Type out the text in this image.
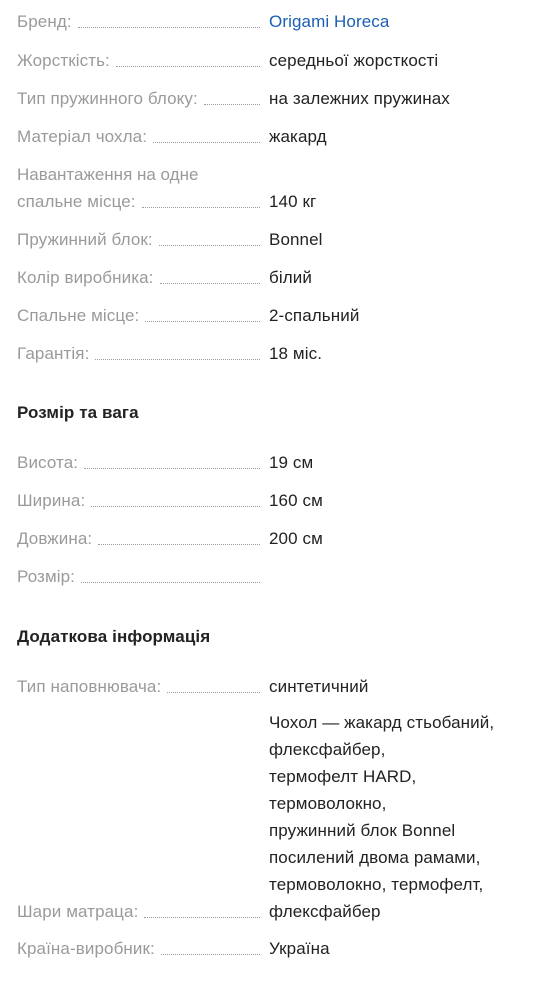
Бренд:	Origami Horeca
Жорсткість:	середньої жорсткості
Тип пружинного блоку:	на залежних пружинах
Матеріал чохла:	жакард
Навантаження на одне
спальне місце:	140 кг
Пружинний блок:	Bonnel
Колір виробника:	білий
Спальне місце:	2-спальний
Гарантія:	18 міс.
Розмір та вага
Висота:	19 см
Ширина:	160 см
Довжина:	200 см
Розмір:
Додаткова інформація
Тип наповнювача:	синтетичний
Шари матраца:
Чохол — жакард стьобаний,
флексфайбер,
термофелт HARD,
термоволокно,
пружинний блок Bonnel
посилений двома рамами,
термоволокно, термофелт,
флексфайбер
Країна-виробник:	Україна
